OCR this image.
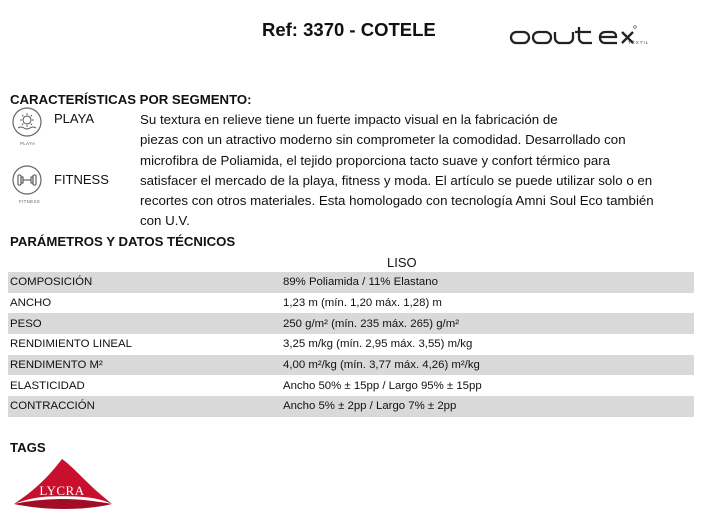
Ref: 3370 - COTELE
TÊXTIL
CARACTERÍSTICAS POR SEGMENTO:
PLAYA
PLAYA
FITNESS
FITNESS
Su textura en relieve tiene un fuerte impacto visual en la fabricación de
piezas con un atractivo moderno sin comprometer la comodidad. Desarrollado con
microfibra de Poliamida, el tejido proporciona tacto suave y confort térmico para
satisfacer el mercado de la playa, fitness y moda. El artículo se puede utilizar solo o en
recortes con otros materiales. Esta homologado con tecnología Amni Soul Eco también
con U.V.
PARÁMETROS Y DATOS TÉCNICOS
LISO
COMPOSICIÓN	89% Poliamida / 11% Elastano
ANCHO	1,23 m (mín. 1,20 máx. 1,28) m
PESO	250 g/m² (mín. 235 máx. 265) g/m²
RENDIMIENTO LINEAL	3,25 m/kg (mín. 2,95 máx. 3,55) m/kg
RENDIMENTO M²	4,00 m²/kg (mín. 3,77 máx. 4,26) m²/kg
ELASTICIDAD	Ancho 50% ± 15pp / Largo 95% ± 15pp
CONTRACCIÓN	Ancho 5% ± 2pp / Largo 7% ± 2pp
TAGS
LYCRA
